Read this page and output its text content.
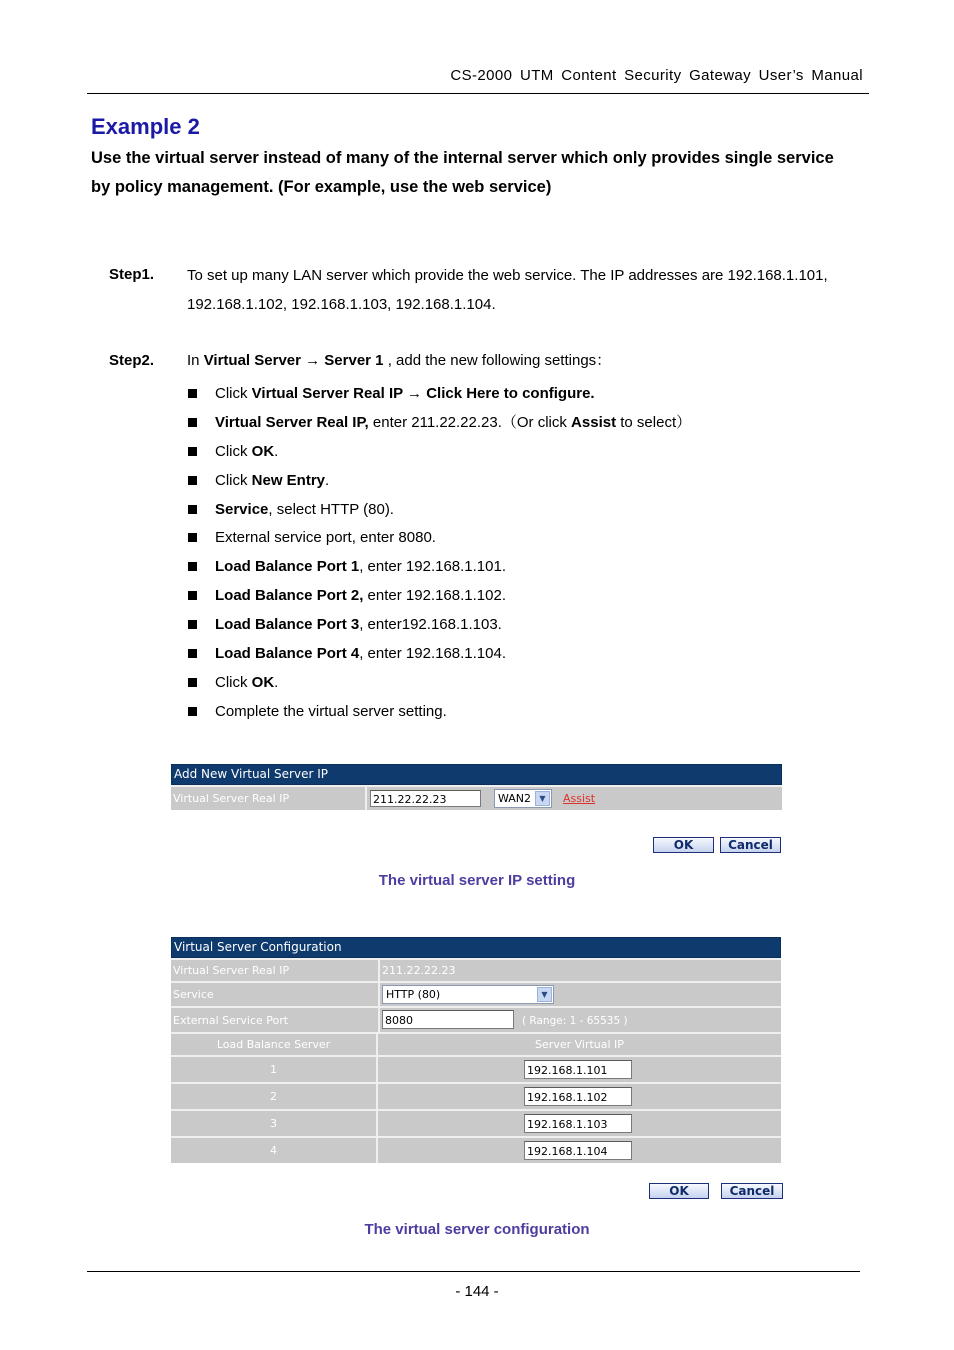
CS-2000 UTM Content Security Gateway User’s Manual
Example 2
Use the virtual server instead of many of the internal server which only provides single service by policy management. (For example, use the web service)
Step1. To set up many LAN server which provide the web service. The IP addresses are 192.168.1.101, 192.168.1.102, 192.168.1.103, 192.168.1.104.
Step2. In Virtual Server → Server 1 , add the new following settings：
Click Virtual Server Real IP → Click Here to configure.
Virtual Server Real IP, enter 211.22.22.23.（Or click Assist to select）
Click OK.
Click New Entry.
Service, select HTTP (80).
External service port, enter 8080.
Load Balance Port 1, enter 192.168.1.101.
Load Balance Port 2, enter 192.168.1.102.
Load Balance Port 3, enter192.168.1.103.
Load Balance Port 4, enter 192.168.1.104.
Click OK.
Complete the virtual server setting.
Add New Virtual Server IP
Virtual Server Real IP	211.22.22.23	WAN2	▼	Assist
OK	Cancel
The virtual server IP setting
Virtual Server Configuration
Virtual Server Real IP	211.22.22.23
Service	HTTP (80)	▼
External Service Port	8080	( Range: 1 - 65535 )
Load Balance Server	Server Virtual IP
1	192.168.1.101
2	192.168.1.102
3	192.168.1.103
4	192.168.1.104
OK	Cancel
The virtual server configuration
- 144 -
